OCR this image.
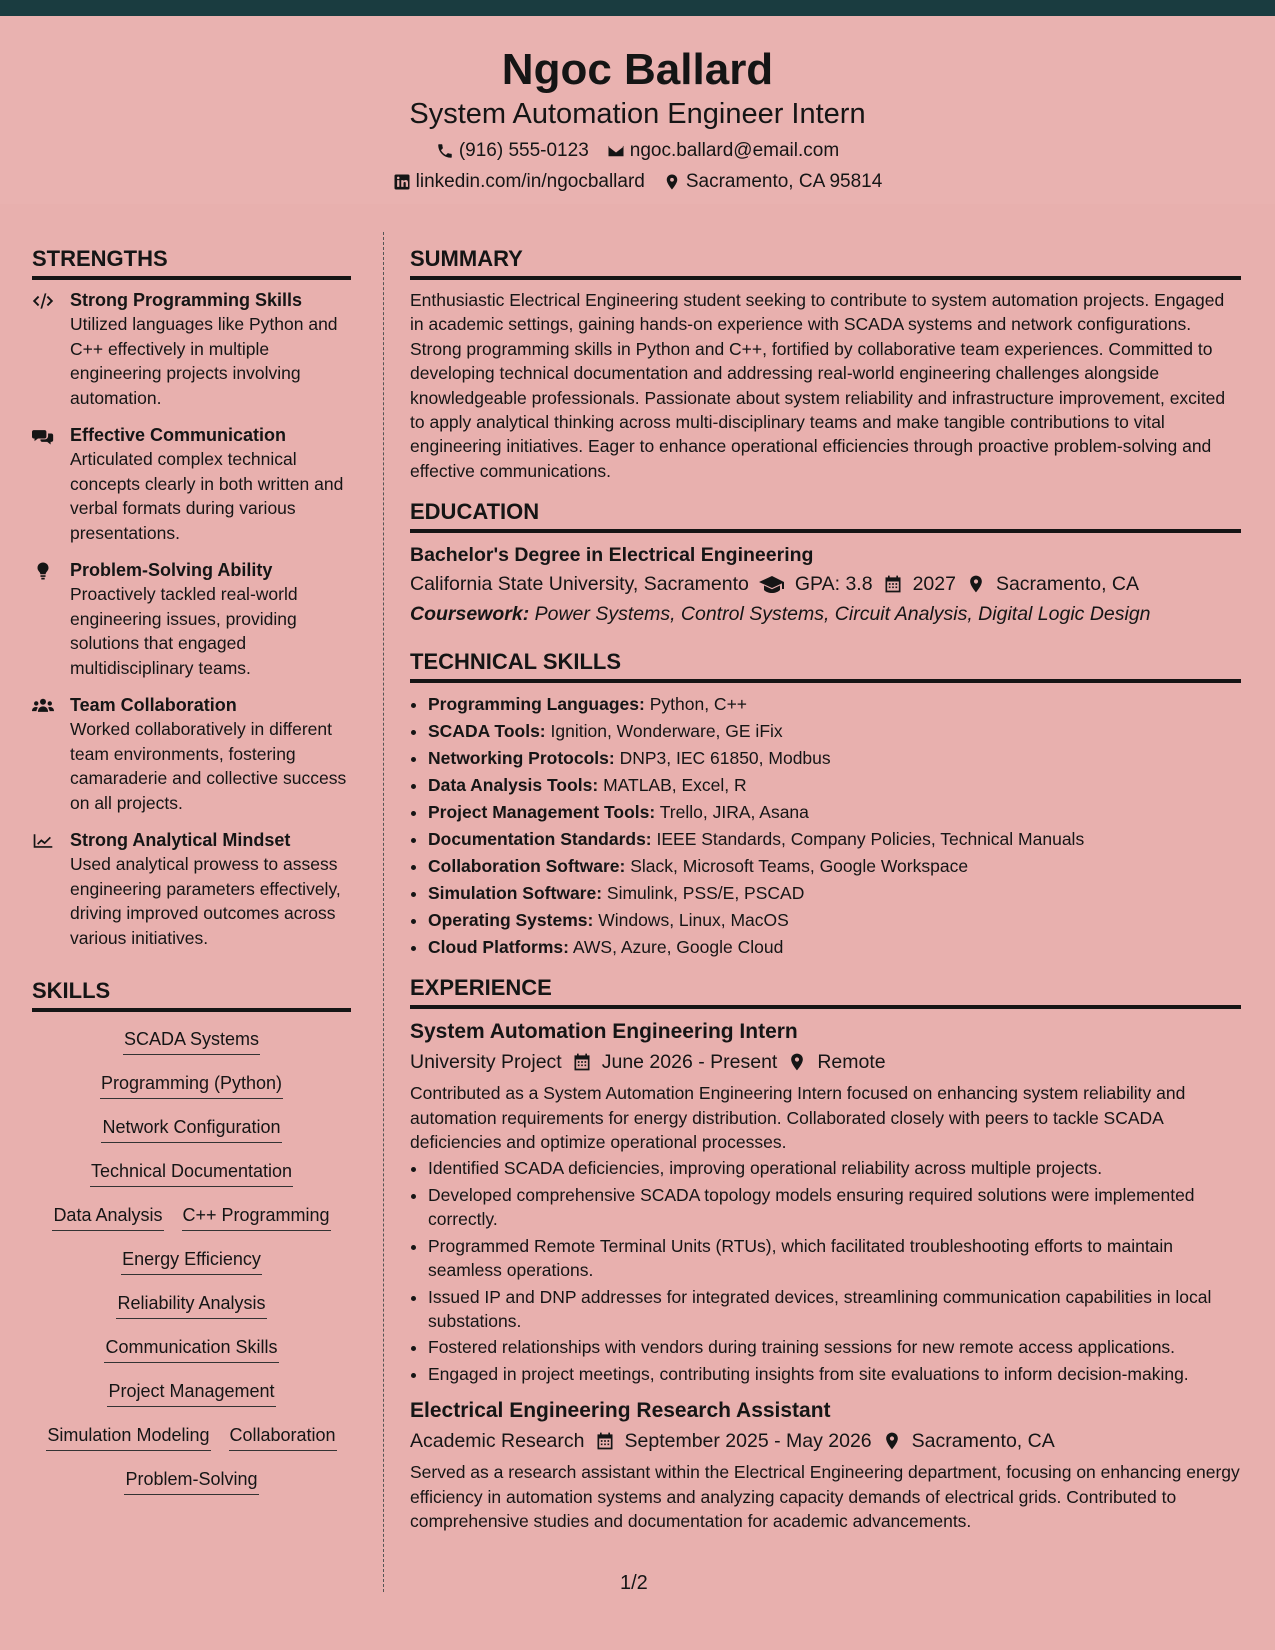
Ngoc Ballard
System Automation Engineer Intern
(916) 555-0123 ngoc.ballard@email.com
linkedin.com/in/ngocballard Sacramento, CA 95814
STRENGTHS
Strong Programming Skills
Utilized languages like Python and C++ effectively in multiple engineering projects involving automation.
Effective Communication
Articulated complex technical concepts clearly in both written and verbal formats during various presentations.
Problem-Solving Ability
Proactively tackled real-world engineering issues, providing solutions that engaged multidisciplinary teams.
Team Collaboration
Worked collaboratively in different team environments, fostering camaraderie and collective success on all projects.
Strong Analytical Mindset
Used analytical prowess to assess engineering parameters effectively, driving improved outcomes across various initiatives.
SKILLS
SCADA Systems
Programming (Python)
Network Configuration
Technical Documentation
Data Analysis C++ Programming
Energy Efficiency
Reliability Analysis
Communication Skills
Project Management
Simulation Modeling Collaboration
Problem-Solving
SUMMARY

Enthusiastic Electrical Engineering student seeking to contribute to system automation projects. Engaged in academic settings, gaining hands-on experience with SCADA systems and network configurations. Strong programming skills in Python and C++, fortified by collaborative team experiences. Committed to developing technical documentation and addressing real-world engineering challenges alongside knowledgeable professionals. Passionate about system reliability and infrastructure improvement, excited to apply analytical thinking across multi-disciplinary teams and make tangible contributions to vital engineering initiatives. Eager to enhance operational efficiencies through proactive problem-solving and effective communications.

EDUCATION
Bachelor's Degree in Electrical Engineering
California State University, Sacramento GPA: 3.8 2027 Sacramento, CA
Coursework: Power Systems, Control Systems, Circuit Analysis, Digital Logic Design
TECHNICAL SKILLS
• Programming Languages: Python, C++
• SCADA Tools: Ignition, Wonderware, GE iFix
• Networking Protocols: DNP3, IEC 61850, Modbus
• Data Analysis Tools: MATLAB, Excel, R
• Project Management Tools: Trello, JIRA, Asana
• Documentation Standards: IEEE Standards, Company Policies, Technical Manuals
• Collaboration Software: Slack, Microsoft Teams, Google Workspace
• Simulation Software: Simulink, PSS/E, PSCAD
• Operating Systems: Windows, Linux, MacOS
• Cloud Platforms: AWS, Azure, Google Cloud
EXPERIENCE
System Automation Engineering Intern
University Project June 2026 - Present Remote

Contributed as a System Automation Engineering Intern focused on enhancing system reliability and automation requirements for energy distribution. Collaborated closely with peers to tackle SCADA deficiencies and optimize operational processes.

• Identified SCADA deficiencies, improving operational reliability across multiple projects.
• Developed comprehensive SCADA topology models ensuring required solutions were implemented correctly.
• Programmed Remote Terminal Units (RTUs), which facilitated troubleshooting efforts to maintain seamless operations.
• Issued IP and DNP addresses for integrated devices, streamlining communication capabilities in local substations.
• Fostered relationships with vendors during training sessions for new remote access applications.
• Engaged in project meetings, contributing insights from site evaluations to inform decision-making.
Electrical Engineering Research Assistant
Academic Research September 2025 - May 2026 Sacramento, CA

Served as a research assistant within the Electrical Engineering department, focusing on enhancing energy efficiency in automation systems and analyzing capacity demands of electrical grids. Contributed to comprehensive studies and documentation for academic advancements.

1/2
